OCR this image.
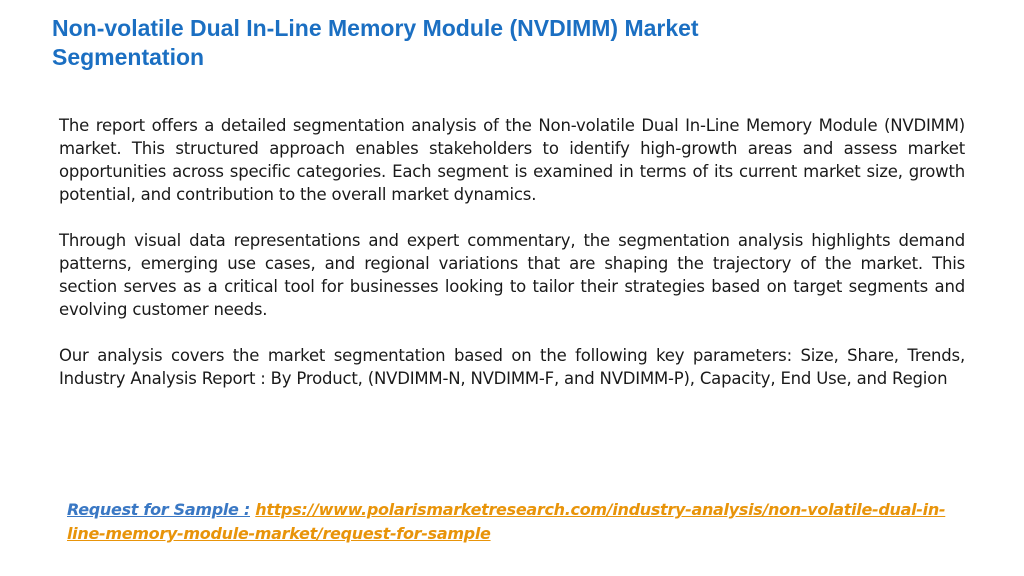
Non-volatile Dual In-Line Memory Module (NVDIMM) Market Segmentation

The report offers a detailed segmentation analysis of the Non-volatile Dual In-Line Memory Module (NVDIMM) market. This structured approach enables stakeholders to identify high-growth areas and assess market opportunities across specific categories. Each segment is examined in terms of its current market size, growth potential, and contribution to the overall market dynamics.

Through visual data representations and expert commentary, the segmentation analysis highlights demand patterns, emerging use cases, and regional variations that are shaping the trajectory of the market. This section serves as a critical tool for businesses looking to tailor their strategies based on target segments and evolving customer needs.

Our analysis covers the market segmentation based on the following key parameters: Size, Share, Trends, Industry Analysis Report : By Product, (NVDIMM-N, NVDIMM-F, and NVDIMM-P), Capacity, End Use, and Region

Request for Sample : https://www.polarismarketresearch.com/industry-analysis/non-volatile-dual-in-line-memory-module-market/request-for-sample
